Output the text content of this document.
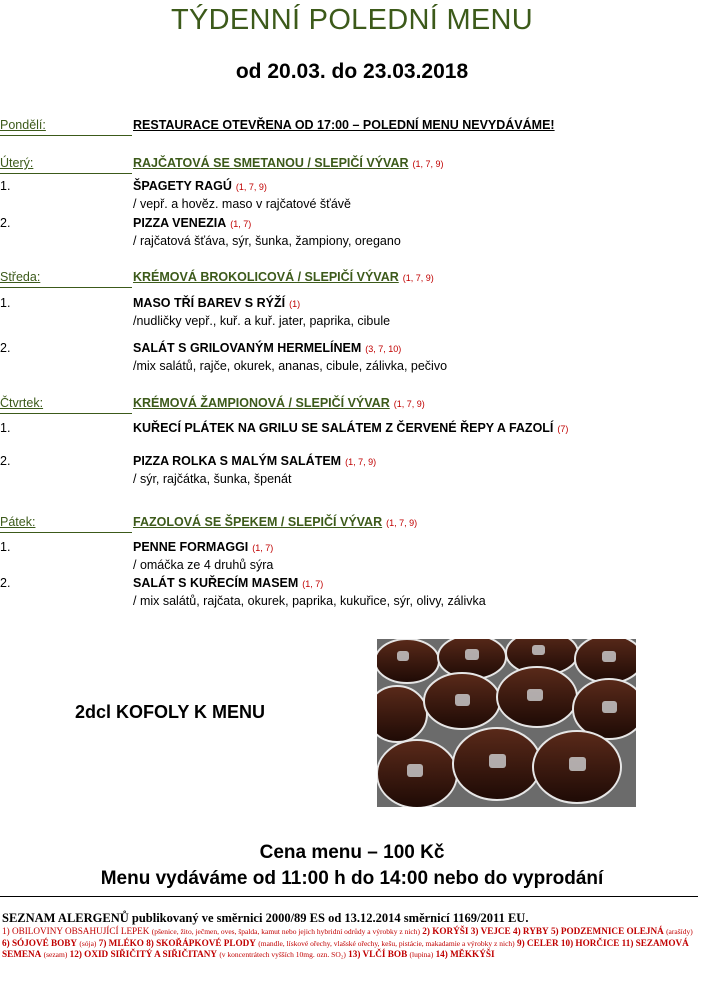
TÝDENNÍ POLEDNÍ MENU
od 20.03. do 23.03.2018
Pondělí:	RESTAURACE OTEVŘENA OD 17:00 – POLEDNÍ MENU NEVYDÁVÁME!
Úterý:	RAJČATOVÁ SE SMETANOU / SLEPIČÍ VÝVAR (1, 7, 9)
1.	ŠPAGETY RAGÚ (1, 7, 9)
/ vepř. a hovĕz. maso v rajčatové šťávě
2.	PIZZA VENEZIA (1, 7)
/ rajčatová šťáva, sýr, šunka, žampiony, oregano
Středa:	KRÉMOVÁ BROKOLICOVÁ / SLEPIČÍ VÝVAR (1, 7, 9)
1.	MASO TŘÍ BAREV S RÝŽÍ (1)
/nudličky vepř., kuř. a kuř. jater, paprika, cibule
2.	SALÁT S GRILOVANÝM HERMELÍNEM (3, 7, 10)
/mix salátů, rajče, okurek, ananas, cibule, zálivka, pečivo
Čtvrtek:	KRÉMOVÁ ŽAMPIONOVÁ / SLEPIČÍ VÝVAR (1, 7, 9)
1.	KUŘECÍ PLÁTEK NA GRILU SE SALÁTEM Z ČERVENÉ ŘEPY A FAZOLÍ (7)
2.	PIZZA ROLKA S MALÝM SALÁTEM (1, 7, 9)
/ sýr, rajčátka, šunka, špenát
Pátek:	FAZOLOVÁ SE ŠPEKEM / SLEPIČÍ VÝVAR (1, 7, 9)
1.	PENNE FORMAGGI (1, 7)
/ omáčka ze 4 druhů sýra
2.	SALÁT S KUŘECÍM MASEM (1, 7)
/ mix salátů, rajčata, okurek, paprika, kukuřice, sýr, olivy, zálivka
2dcl KOFOLY K MENU
Cena menu – 100 Kč
Menu vydáváme od 11:00 h do 14:00 nebo do vyprodání
SEZNAM ALERGENŮ publikovaný ve směrnici 2000/89 ES od 13.12.2014 směrnicí 1169/2011 EU.
1) OBILOVINY OBSAHUJÍCÍ LEPEK (pšenice, žito, ječmen, oves, špalda, kamut nebo jejich hybridní odrůdy a výrobky z nich) 2) KORÝŠI 3) VEJCE 4) RYBY 5) PODZEMNICE OLEJNÁ (arašídy) 6) SÓJOVÉ BOBY (sója) 7) MLÉKO 8) SKOŘÁPKOVÉ PLODY (mandle, lískové ořechy, vlašské ořechy, kešu, pistácie, makadamie a výrobky z nich) 9) CELER 10) HORČICE 11) SEZAMOVÁ SEMENA (sezam) 12) OXID SIŘIČITÝ A SIŘIČITANY (v koncentrátech vyšších 10mg. ozn. SO₂) 13) VLČÍ BOB (lupina) 14) MĚKKÝŠI
